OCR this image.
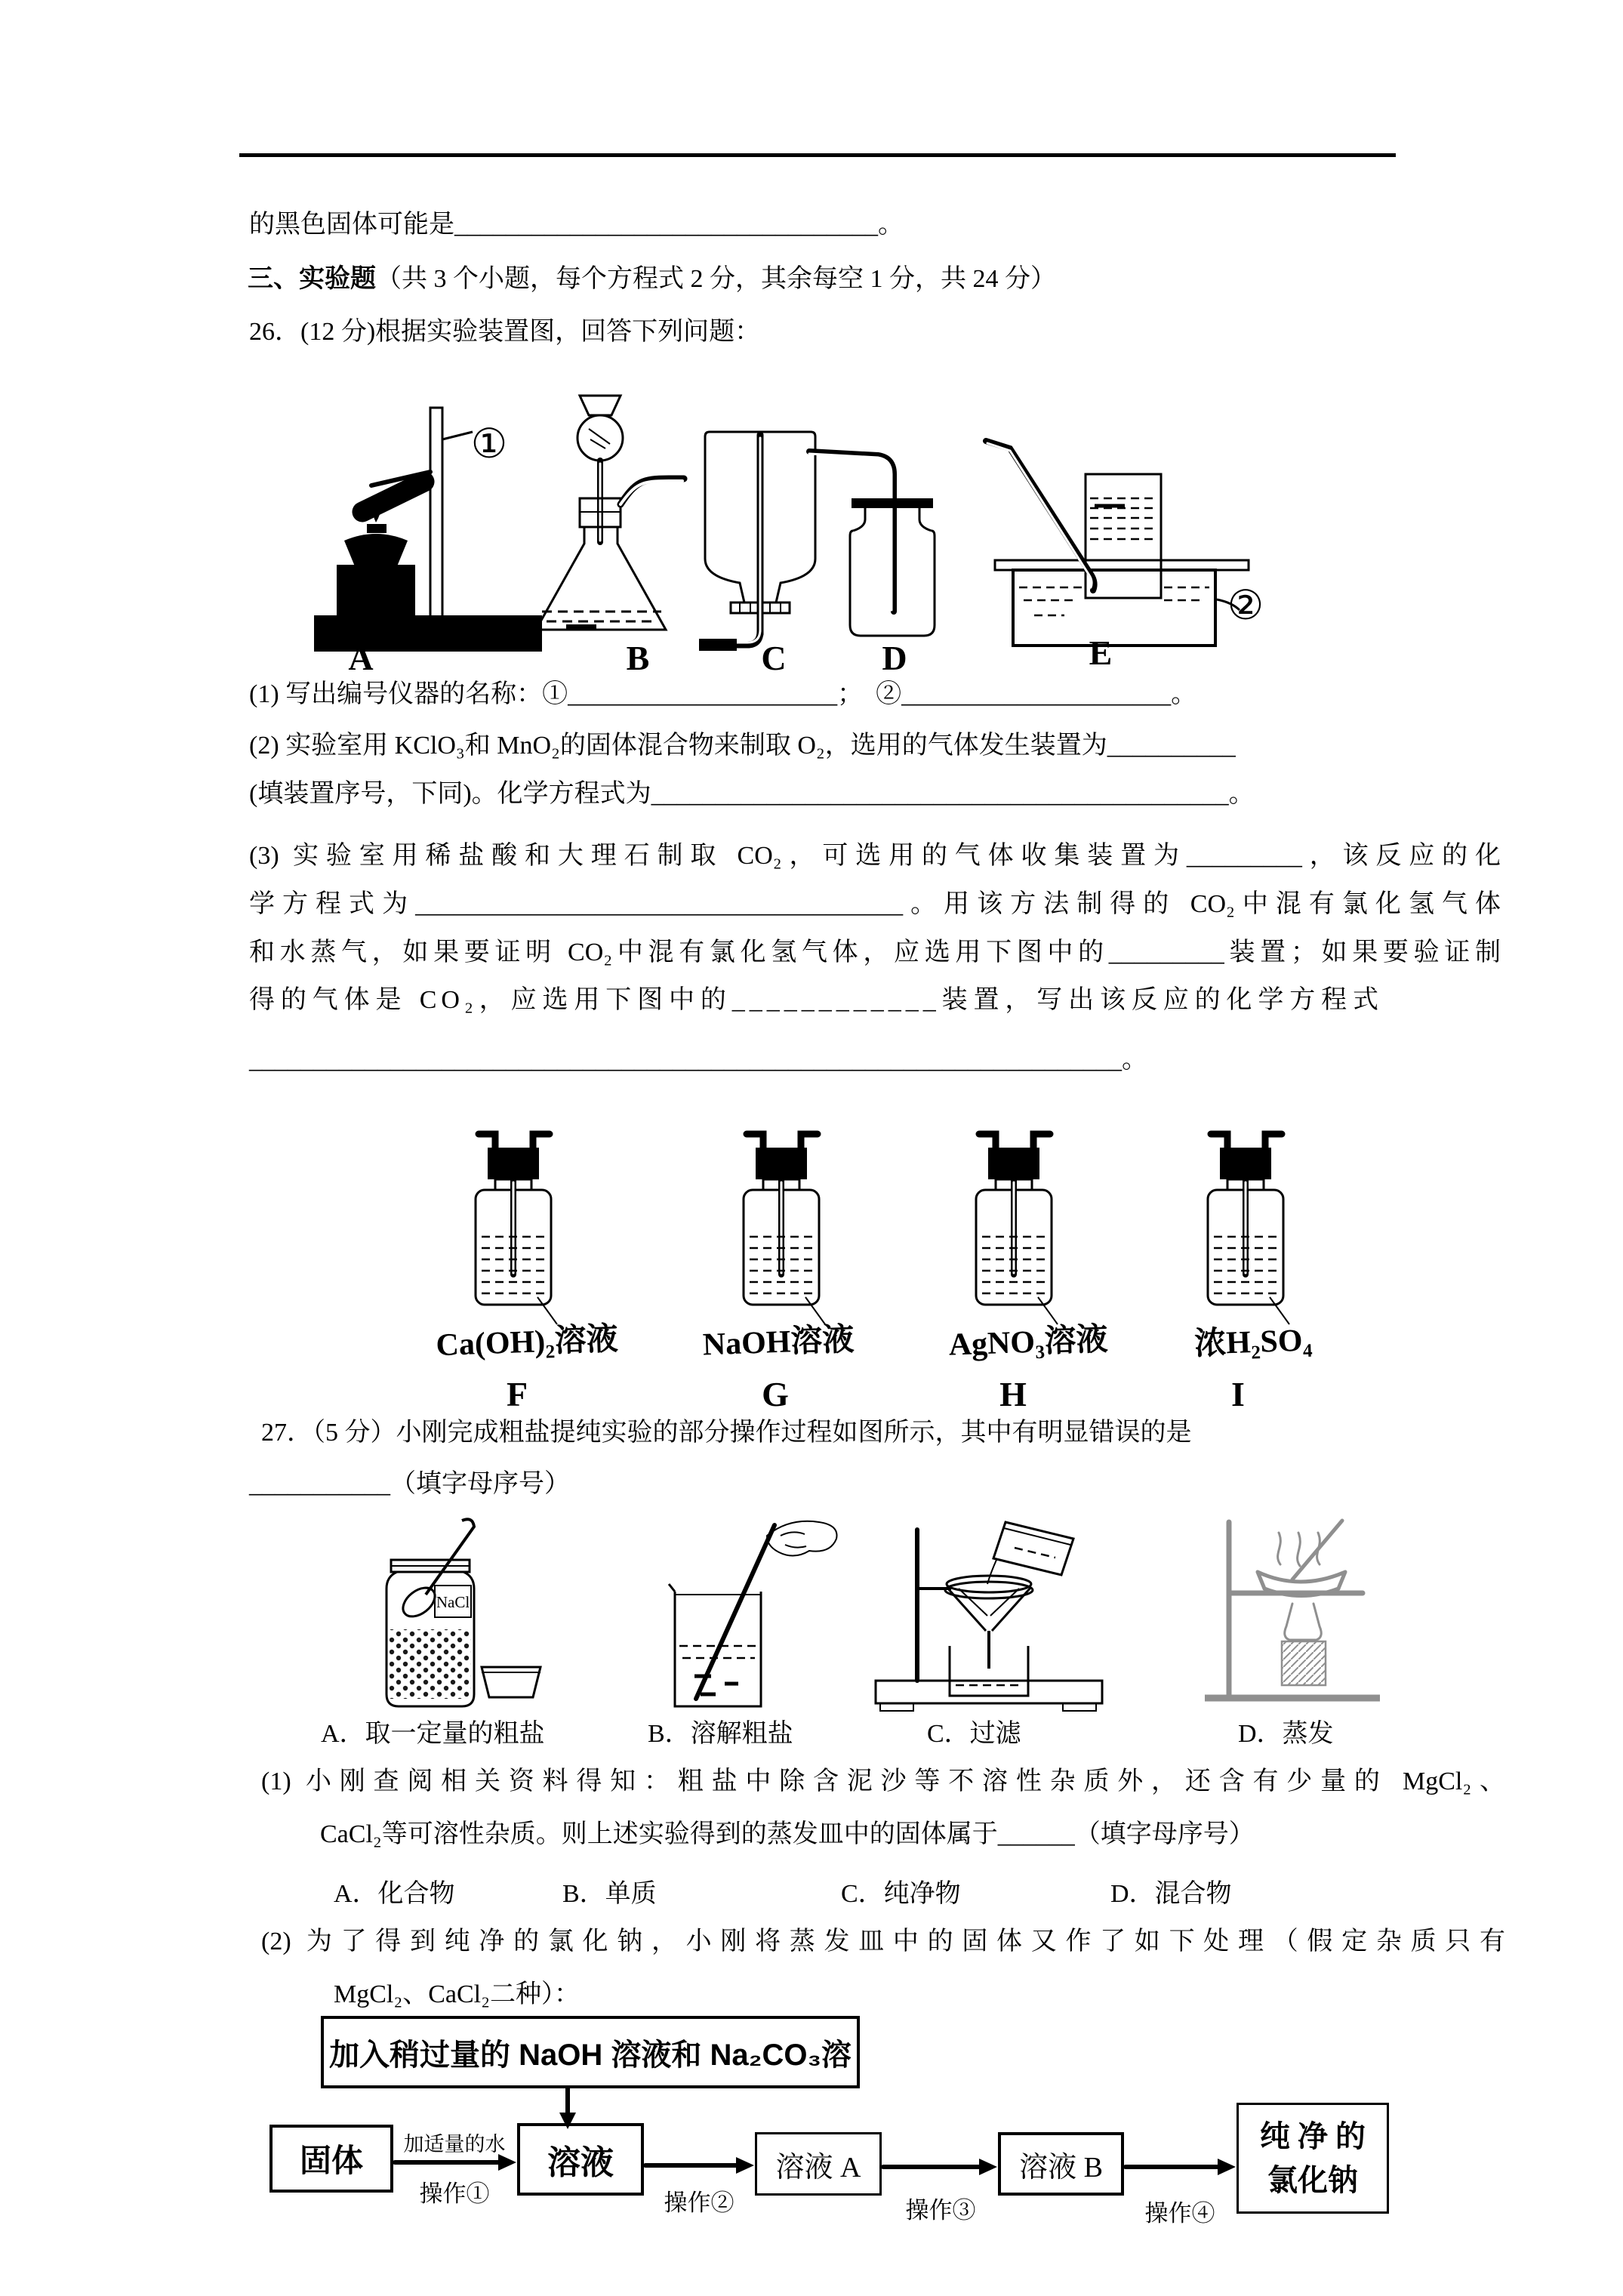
的黑色固体可能是_________________________________。
三、实验题（共 3 个小题，每个方程式 2 分，其余每空 1 分，共 24 分）
26．(12 分)根据实验装置图，回答下列问题：
①
②
A	B	C	D	E
(1) 写出编号仪器的名称：①_____________________；  ②_____________________。
(2) 实验室用 KClO₃和 MnO₂的固体混合物来制取 O₂，选用的气体发生装置为__________
(填装置序号，下同)。化学方程式为_____________________________________________。
(3) 实验室用稀盐酸和大理石制取 CO₂，可选用的气体收集装置为_________，该反应的化
学方程式为______________________________________。用该方法制得的 CO₂中混有氯化氢气体
和水蒸气，如果要证明 CO₂中混有氯化氢气体，应选用下图中的_________装置；如果要验证制
得的气体是 CO₂，应选用下图中的____________装置，写出该反应的化学方程式
____________________________________________________________________。
Ca(OH)₂溶液	NaOH溶液	AgNO₃溶液	浓H₂SO₄
F	G	H	I
27．（5 分）小刚完成粗盐提纯实验的部分操作过程如图所示，其中有明显错误的是
___________（填字母序号）
NaCl
A．取一定量的粗盐	B．溶解粗盐	C．过滤	D．蒸发
(1) 小刚查阅相关资料得知：粗盐中除含泥沙等不溶性杂质外，还含有少量的 MgCl₂、
CaCl₂等可溶性杂质。则上述实验得到的蒸发皿中的固体属于______（填字母序号）
A．化合物	B．单质	C．纯净物	D．混合物
(2) 为了得到纯净的氯化钠，小刚将蒸发皿中的固体又作了如下处理（假定杂质只有
MgCl₂、CaCl₂二种）：
加入稍过量的 NaOH 溶液和 Na₂CO₃溶
固体	溶液	溶液 A	溶液 B
纯 净 的
氯化钠
加适量的水
操作①	操作②	操作③	操作④
